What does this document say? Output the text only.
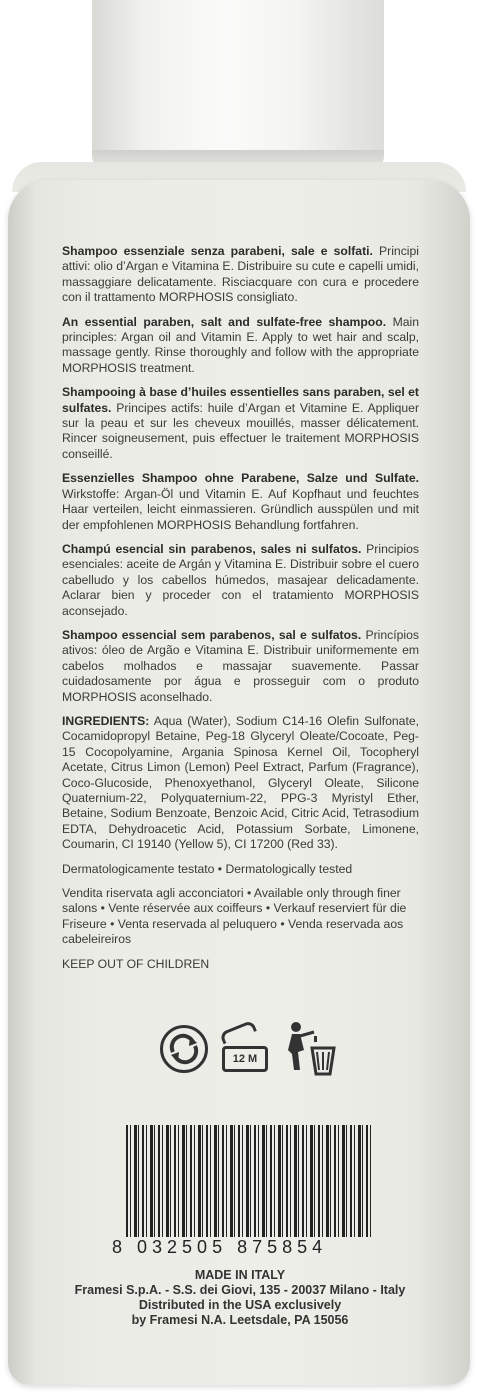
Shampoo essenziale senza parabeni, sale e solfati. Principi attivi: olio d’Argan e Vitamina E. Distribuire su cute e capelli umidi, massaggiare delicatamente. Risciacquare con cura e procedere con il trattamento MORPHOSIS consigliato.

An essential paraben, salt and sulfate-free shampoo. Main principles: Argan oil and Vitamin E. Apply to wet hair and scalp, massage gently. Rinse thoroughly and follow with the appropriate MORPHOSIS treatment.

Shampooing à base d’huiles essentielles sans paraben, sel et sulfates. Principes actifs: huile d’Argan et Vitamine E. Appliquer sur la peau et sur les cheveux mouillés, masser délicatement. Rincer soigneusement, puis effectuer le traitement MORPHOSIS conseillé.

Essenzielles Shampoo ohne Parabene, Salze und Sulfate. Wirkstoffe: Argan-Öl und Vitamin E. Auf Kopfhaut und feuchtes Haar verteilen, leicht einmassieren. Gründlich ausspülen und mit der empfohlenen MORPHOSIS Behandlung fortfahren.

Champú esencial sin parabenos, sales ni sulfatos. Principios esenciales: aceite de Argán y Vitamina E. Distribuir sobre el cuero cabelludo y los cabellos húmedos, masajear delicadamente. Aclarar bien y proceder con el tratamiento MORPHOSIS aconsejado.

Shampoo essencial sem parabenos, sal e sulfatos. Princípios ativos: óleo de Argão e Vitamina E. Distribuir uniformemente em cabelos molhados e massajar suavemente. Passar cuidadosamente por água e prosseguir com o produto MORPHOSIS aconselhado.

INGREDIENTS: Aqua (Water), Sodium C14-16 Olefin Sulfonate, Cocamidopropyl Betaine, Peg-18 Glyceryl Oleate/Cocoate, Peg-15 Cocopolyamine, Argania Spinosa Kernel Oil, Tocopheryl Acetate, Citrus Limon (Lemon) Peel Extract, Parfum (Fragrance), Coco-Glucoside, Phenoxyethanol, Glyceryl Oleate, Silicone Quaternium-22, Polyquaternium-22, PPG-3 Myristyl Ether, Betaine, Sodium Benzoate, Benzoic Acid, Citric Acid, Tetrasodium EDTA, Dehydroacetic Acid, Potassium Sorbate, Limonene, Coumarin, CI 19140 (Yellow 5), CI 17200 (Red 33).

Dermatologicamente testato • Dermatologically tested
Vendita riservata agli acconciatori • Available only through finer salons • Vente réservée aux coiffeurs • Verkauf reserviert für die Friseure • Venta reservada al peluquero • Venda reservada aos cabeleireiros
KEEP OUT OF CHILDREN
12 M
8 032505 875854
MADE IN ITALY
Framesi S.p.A. - S.S. dei Giovi, 135 - 20037 Milano - Italy
Distributed in the USA exclusively
by Framesi N.A. Leetsdale, PA 15056
